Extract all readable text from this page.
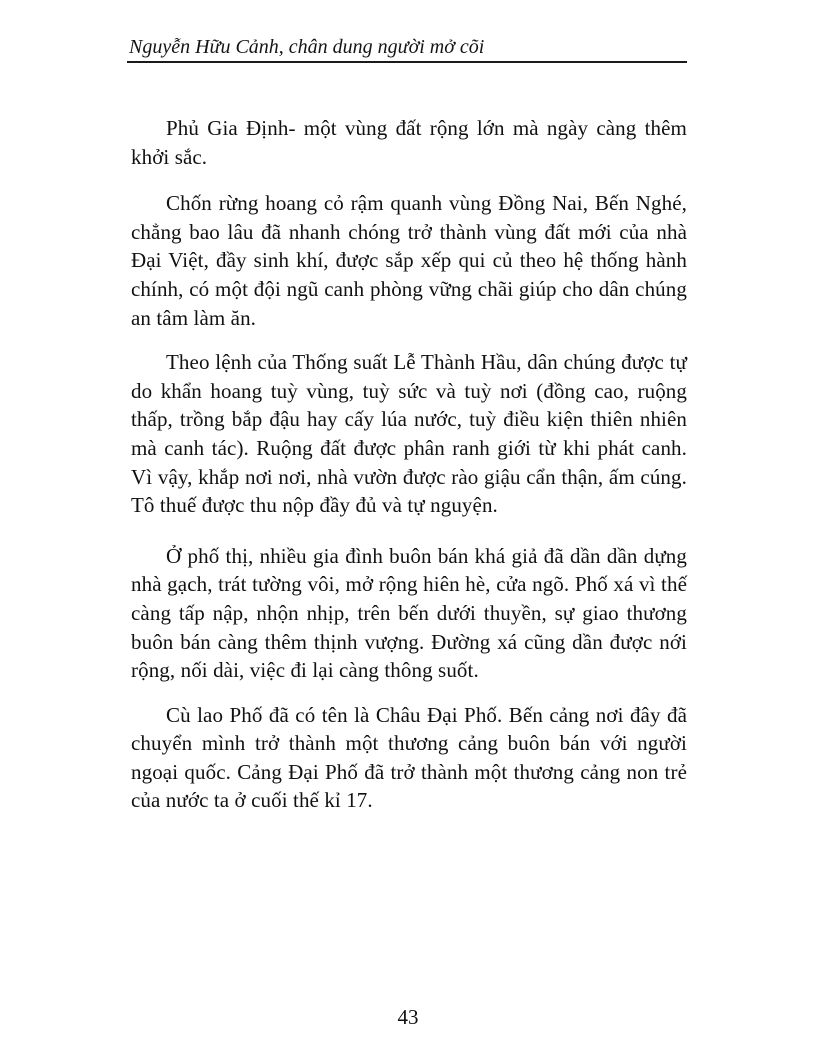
Nguyễn Hữu Cảnh, chân dung người mở cõi

Phủ Gia Định- một vùng đất rộng lớn mà ngày càng thêm khởi sắc.

Chốn rừng hoang cỏ rậm quanh vùng Đồng Nai, Bến Nghé, chẳng bao lâu đã nhanh chóng trở thành vùng đất mới của nhà Đại Việt, đầy sinh khí, được sắp xếp qui củ theo hệ thống hành chính, có một đội ngũ canh phòng vững chãi giúp cho dân chúng an tâm làm ăn.

Theo lệnh của Thống suất Lễ Thành Hầu, dân chúng được tự do khẩn hoang tuỳ vùng, tuỳ sức và tuỳ nơi (đồng cao, ruộng thấp, trồng bắp đậu hay cấy lúa nước, tuỳ điều kiện thiên nhiên mà canh tác). Ruộng đất được phân ranh giới từ khi phát canh. Vì vậy, khắp nơi nơi, nhà vườn được rào giậu cẩn thận, ấm cúng. Tô thuế được thu nộp đầy đủ và tự nguyện.

Ở phố thị, nhiều gia đình buôn bán khá giả đã dần dần dựng nhà gạch, trát tường vôi, mở rộng hiên hè, cửa ngõ. Phố xá vì thế càng tấp nập, nhộn nhịp, trên bến dưới thuyền, sự giao thương buôn bán càng thêm thịnh vượng. Đường xá cũng dần được nới rộng, nối dài, việc đi lại càng thông suốt.

Cù lao Phố đã có tên là Châu Đại Phố. Bến cảng nơi đây đã chuyển mình trở thành một thương cảng buôn bán với người ngoại quốc. Cảng Đại Phố đã trở thành một thương cảng non trẻ của nước ta ở cuối thế kỉ 17.

43
